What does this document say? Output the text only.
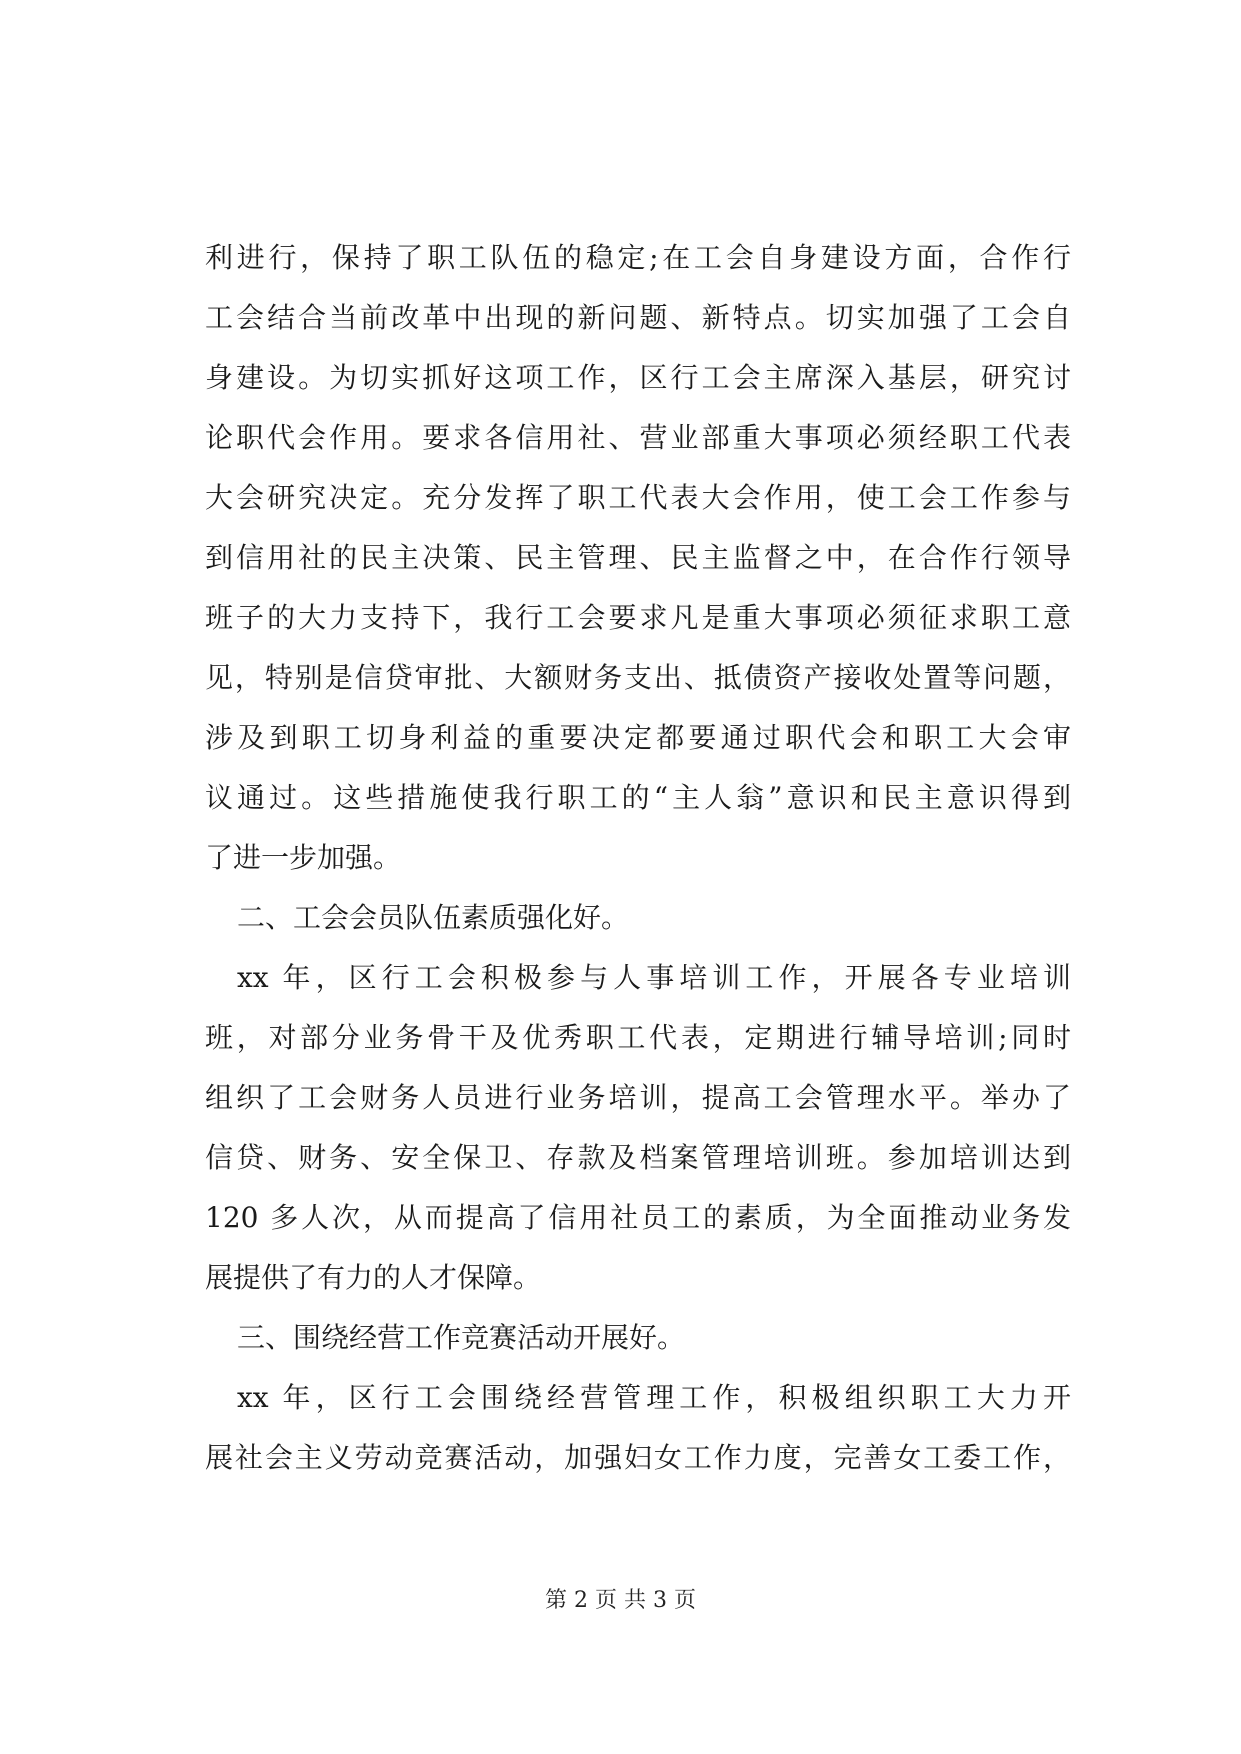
利进行，保持了职工队伍的稳定;在工会自身建设方面，合作行
工会结合当前改革中出现的新问题、新特点。切实加强了工会自
身建设。为切实抓好这项工作，区行工会主席深入基层，研究讨
论职代会作用。要求各信用社、营业部重大事项必须经职工代表
大会研究决定。充分发挥了职工代表大会作用，使工会工作参与
到信用社的民主决策、民主管理、民主监督之中，在合作行领导
班子的大力支持下，我行工会要求凡是重大事项必须征求职工意
见，特别是信贷审批、大额财务支出、抵债资产接收处置等问题，
涉及到职工切身利益的重要决定都要通过职代会和职工大会审
议通过。这些措施使我行职工的“主人翁”意识和民主意识得到
了进一步加强。
二、工会会员队伍素质强化好。
xx 年，区行工会积极参与人事培训工作，开展各专业培训
班，对部分业务骨干及优秀职工代表，定期进行辅导培训;同时
组织了工会财务人员进行业务培训，提高工会管理水平。举办了
信贷、财务、安全保卫、存款及档案管理培训班。参加培训达到
120 多人次，从而提高了信用社员工的素质，为全面推动业务发
展提供了有力的人才保障。
三、围绕经营工作竞赛活动开展好。
xx 年，区行工会围绕经营管理工作，积极组织职工大力开
展社会主义劳动竞赛活动，加强妇女工作力度，完善女工委工作，
第 2 页 共 3 页
